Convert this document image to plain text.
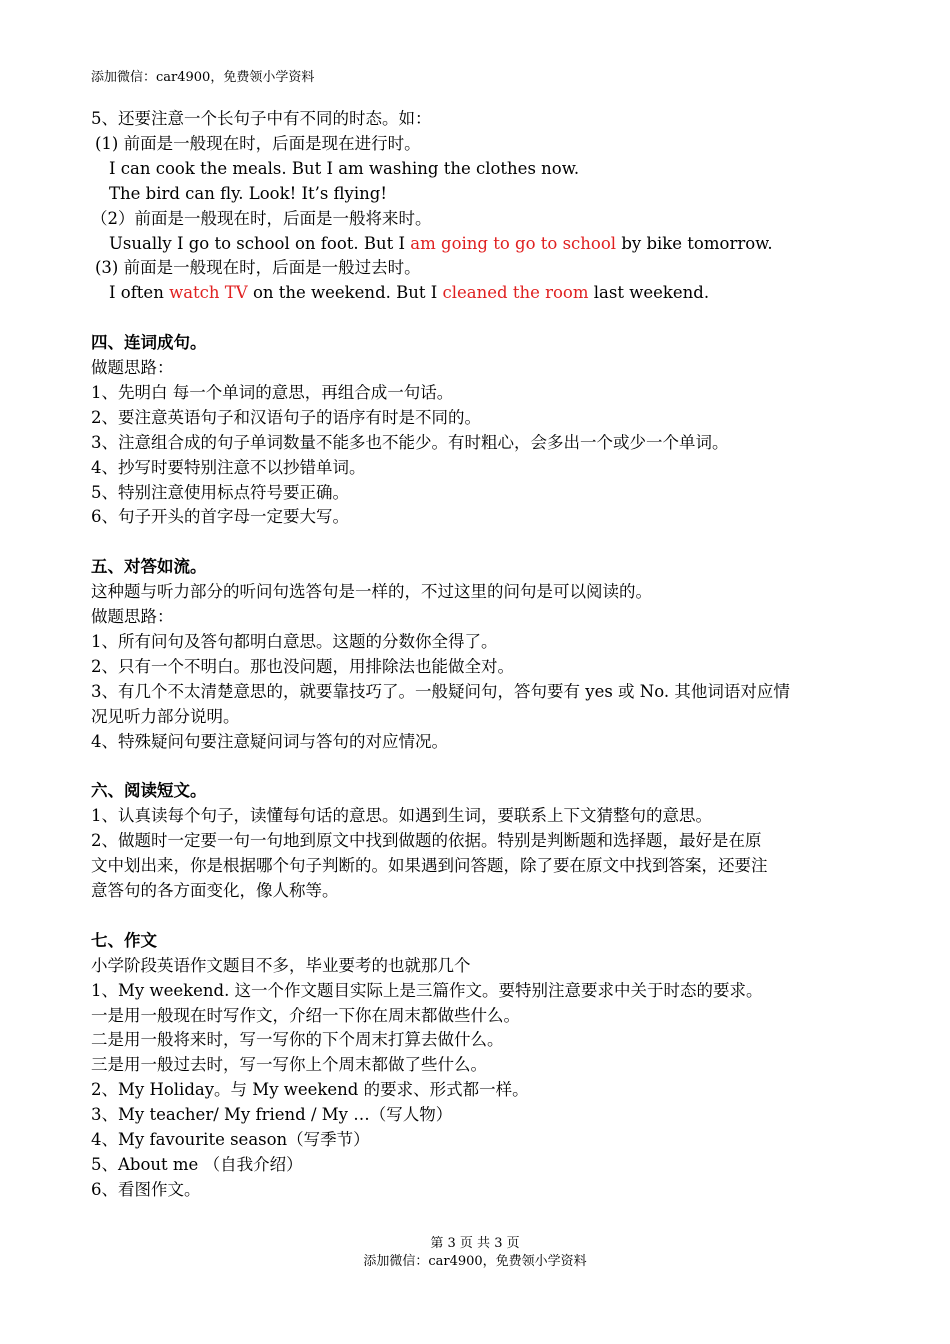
添加微信：car4900，免费领小学资料
5、还要注意一个长句子中有不同的时态。如：
(1) 前面是一般现在时，后面是现在进行时。
I can cook the meals. But I am washing the clothes now.
The bird can fly. Look! It’s flying!
（2）前面是一般现在时，后面是一般将来时。
Usually I go to school on foot. But I am going to go to school by bike tomorrow.
(3) 前面是一般现在时，后面是一般过去时。
I often watch TV on the weekend. But I cleaned the room last weekend.
四、连词成句。
做题思路：
1、先明白 每一个单词的意思，再组合成一句话。
2、要注意英语句子和汉语句子的语序有时是不同的。
3、注意组合成的句子单词数量不能多也不能少。有时粗心，会多出一个或少一个单词。
4、抄写时要特别注意不以抄错单词。
5、特别注意使用标点符号要正确。
6、句子开头的首字母一定要大写。
五、对答如流。
这种题与听力部分的听问句选答句是一样的，不过这里的问句是可以阅读的。
做题思路：
1、所有问句及答句都明白意思。这题的分数你全得了。
2、只有一个不明白。那也没问题，用排除法也能做全对。
3、有几个不太清楚意思的，就要靠技巧了。一般疑问句，答句要有 yes 或 No. 其他词语对应情
况见听力部分说明。
4、特殊疑问句要注意疑问词与答句的对应情况。
六、阅读短文。
1、认真读每个句子，读懂每句话的意思。如遇到生词，要联系上下文猜整句的意思。
2、做题时一定要一句一句地到原文中找到做题的依据。特别是判断题和选择题，最好是在原
文中划出来，你是根据哪个句子判断的。如果遇到问答题，除了要在原文中找到答案，还要注
意答句的各方面变化，像人称等。
七、作文
小学阶段英语作文题目不多，毕业要考的也就那几个
1、My weekend. 这一个作文题目实际上是三篇作文。要特别注意要求中关于时态的要求。
一是用一般现在时写作文，介绍一下你在周末都做些什么。
二是用一般将来时，写一写你的下个周末打算去做什么。
三是用一般过去时，写一写你上个周末都做了些什么。
2、My Holiday。与 My weekend 的要求、形式都一样。
3、My teacher/ My friend / My …（写人物）
4、My favourite season（写季节）
5、About me （自我介绍）
6、看图作文。
第 3 页 共 3 页
添加微信：car4900，免费领小学资料
